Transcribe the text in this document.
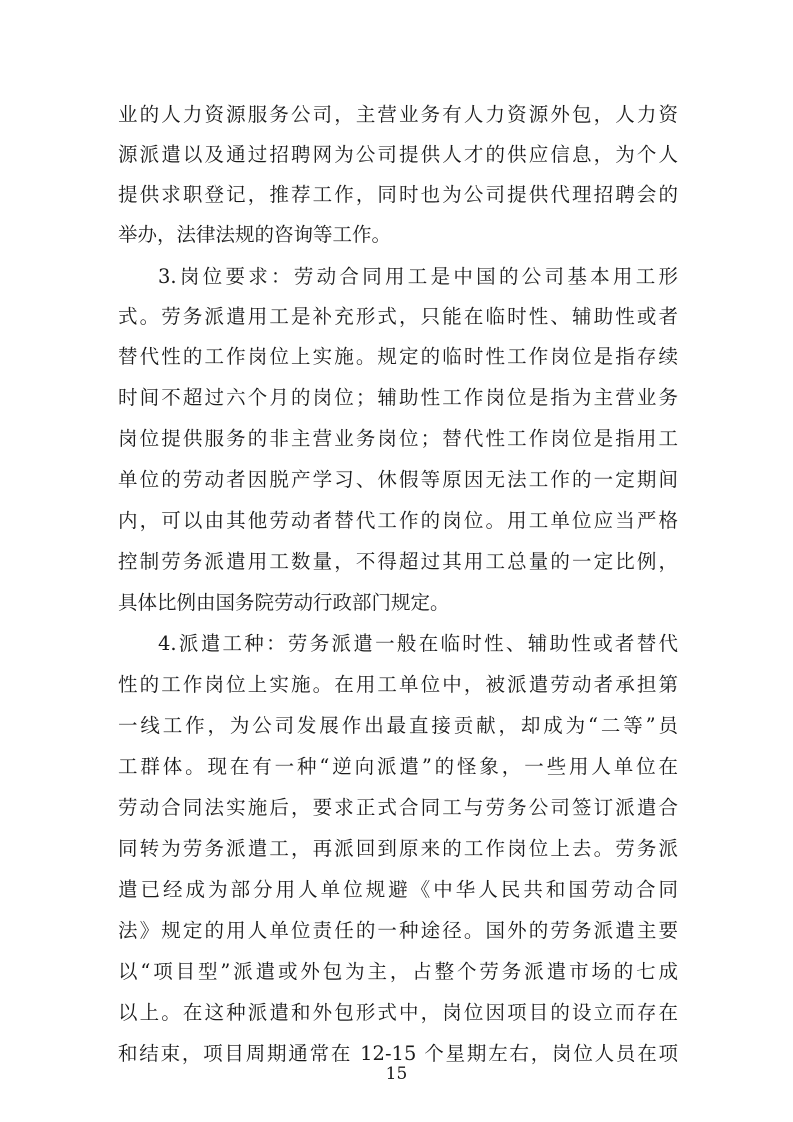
业的人力资源服务公司，主营业务有人力资源外包，人力资
源派遣以及通过招聘网为公司提供人才的供应信息，为个人
提供求职登记，推荐工作，同时也为公司提供代理招聘会的
举办，法律法规的咨询等工作。
3.岗位要求：劳动合同用工是中国的公司基本用工形
式。劳务派遣用工是补充形式，只能在临时性、辅助性或者
替代性的工作岗位上实施。规定的临时性工作岗位是指存续
时间不超过六个月的岗位；辅助性工作岗位是指为主营业务
岗位提供服务的非主营业务岗位；替代性工作岗位是指用工
单位的劳动者因脱产学习、休假等原因无法工作的一定期间
内，可以由其他劳动者替代工作的岗位。用工单位应当严格
控制劳务派遣用工数量，不得超过其用工总量的一定比例，
具体比例由国务院劳动行政部门规定。
4.派遣工种：劳务派遣一般在临时性、辅助性或者替代
性的工作岗位上实施。在用工单位中，被派遣劳动者承担第
一线工作，为公司发展作出最直接贡献，却成为“二等”员
工群体。现在有一种“逆向派遣”的怪象，一些用人单位在
劳动合同法实施后，要求正式合同工与劳务公司签订派遣合
同转为劳务派遣工，再派回到原来的工作岗位上去。劳务派
遣已经成为部分用人单位规避《中华人民共和国劳动合同
法》规定的用人单位责任的一种途径。国外的劳务派遣主要
以“项目型”派遣或外包为主，占整个劳务派遣市场的七成
以上。在这种派遣和外包形式中，岗位因项目的设立而存在
和结束，项目周期通常在 12-15 个星期左右，岗位人员在项
15
